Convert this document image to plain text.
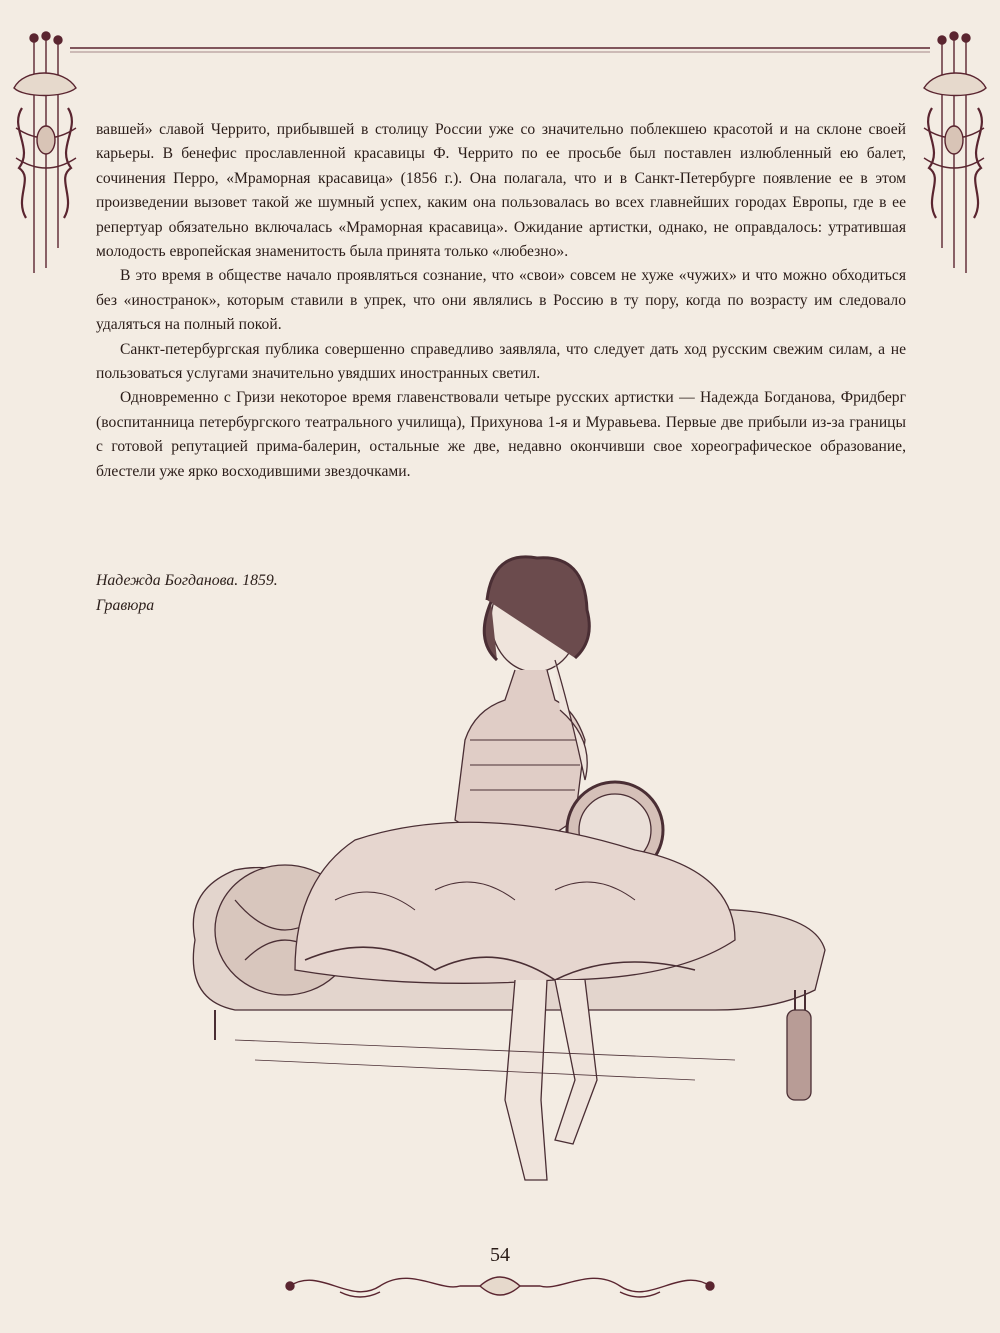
вавшей» славой Черрито, прибывшей в столицу России уже со значительно поблекшею красотой и на склоне своей карьеры. В бенефис прославленной красавицы Ф. Черрито по ее просьбе был поставлен излюбленный ею балет, сочинения Перро, «Мраморная красавица» (1856 г.). Она полагала, что и в Санкт-Петербурге появление ее в этом произведении вызовет такой же шумный успех, каким она пользовалась во всех главнейших городах Европы, где в ее репертуар обязательно включалась «Мраморная красавица». Ожидание артистки, однако, не оправдалось: утратившая молодость европейская знаменитость была принята только «любезно».

В это время в обществе начало проявляться сознание, что «свои» совсем не хуже «чужих» и что можно обходиться без «иностранок», которым ставили в упрек, что они являлись в Россию в ту пору, когда по возрасту им следовало удаляться на полный покой.

Санкт-петербургская публика совершенно справедливо заявляла, что следует дать ход русским свежим силам, а не пользоваться услугами значительно увядших иностранных светил.

Одновременно с Гризи некоторое время главенствовали четыре русских артистки — Надежда Богданова, Фридберг (воспитанница петербургского театрального училища), Прихунова 1-я и Муравьева. Первые две прибыли из-за границы с готовой репутацией прима-балерин, остальные же две, недавно окончивши свое хореографическое образование, блестели уже ярко восходившими звездочками.

Надежда Богданова. 1859.
Гравюра
54
